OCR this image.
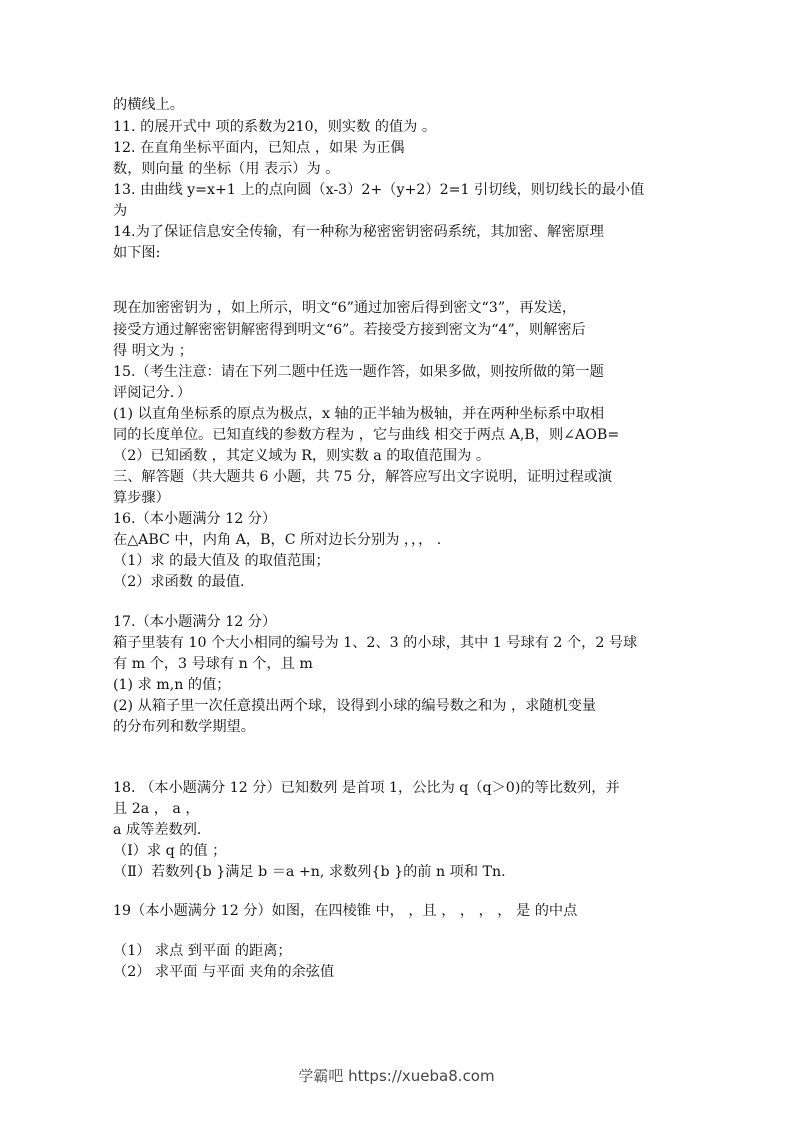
的横线上。
11. 的展开式中 项的系数为210，则实数 的值为 。
12. 在直角坐标平面内，已知点 ，如果 为正偶
数，则向量 的坐标（用 表示）为 。
13. 由曲线 y=x+1 上的点向圆（x-3）2+（y+2）2=1 引切线，则切线长的最小值
为
14.为了保证信息安全传输，有一种称为秘密密钥密码系统，其加密、解密原理
如下图:
现在加密密钥为 ，如上所示，明文“6”通过加密后得到密文“3”，再发送，
接受方通过解密密钥解密得到明文“6”。若接受方接到密文为“4”，则解密后
得 明文为 ；
15.（考生注意：请在下列二题中任选一题作答，如果多做，则按所做的第一题
评阅记分．）
(1) 以直角坐标系的原点为极点，x 轴的正半轴为极轴，并在两种坐标系中取相
同的长度单位。已知直线的参数方程为 ，它与曲线 相交于两点 A,B，则∠AOB=
（2）已知函数 ，其定义域为 R，则实数 a 的取值范围为 。
三、解答题（共大题共 6 小题，共 75 分，解答应写出文字说明，证明过程或演
算步骤）
16.（本小题满分 12 分）
在△ABC 中，内角 A，B，C 所对边长分别为 ，，， .
（1）求 的最大值及 的取值范围；
（2）求函数 的最值.
17.（本小题满分 12 分）
箱子里装有 10 个大小相同的编号为 1、2、3 的小球，其中 1 号球有 2 个，2 号球
有 m 个，3 号球有 n 个，且 m
(1) 求 m,n 的值；
(2) 从箱子里一次任意摸出两个球，设得到小球的编号数之和为 ，求随机变量
的分布列和数学期望。
18. （本小题满分 12 分）已知数列 是首项 1，公比为 q（q＞0)的等比数列，并
且 2a ， a ，
a 成等差数列.
（Ⅰ）求 q 的值 ；
（Ⅱ）若数列{b }满足 b ＝a +n, 求数列{b }的前 n 项和 Tn.
19（本小题满分 12 分）如图，在四棱锥 中， ，且 ， ， ， ， 是 的中点
（1） 求点 到平面 的距离；
（2） 求平面 与平面 夹角的余弦值
学霸吧 https://xueba8.com
